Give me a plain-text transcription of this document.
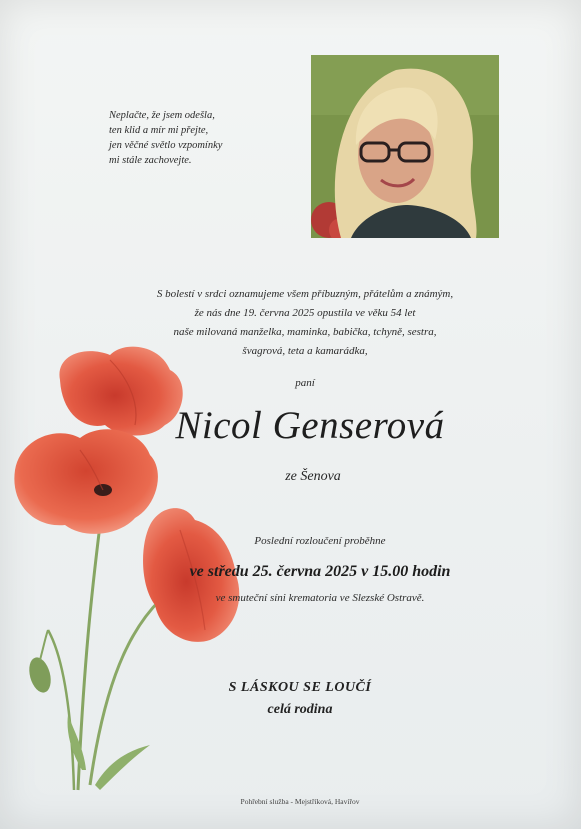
Neplačte, že jsem odešla,
ten klid a mír mi přejte,
jen věčné světlo vzpomínky
mi stále zachovejte.
S bolestí v srdci oznamujeme všem příbuzným, přátelům a známým,
že nás dne 19. června 2025 opustila ve věku 54 let
naše milovaná manželka, maminka, babička, tchyně, sestra,
švagrová, teta a kamarádka,
paní
Nicol Genserová
ze Šenova
Poslední rozloučení proběhne
ve středu 25. června 2025 v 15.00 hodin
ve smuteční síni krematoria ve Slezské Ostravě.
S LÁSKOU SE LOUČÍ
celá rodina
Pohřební služba - Mejstříková, Havířov
